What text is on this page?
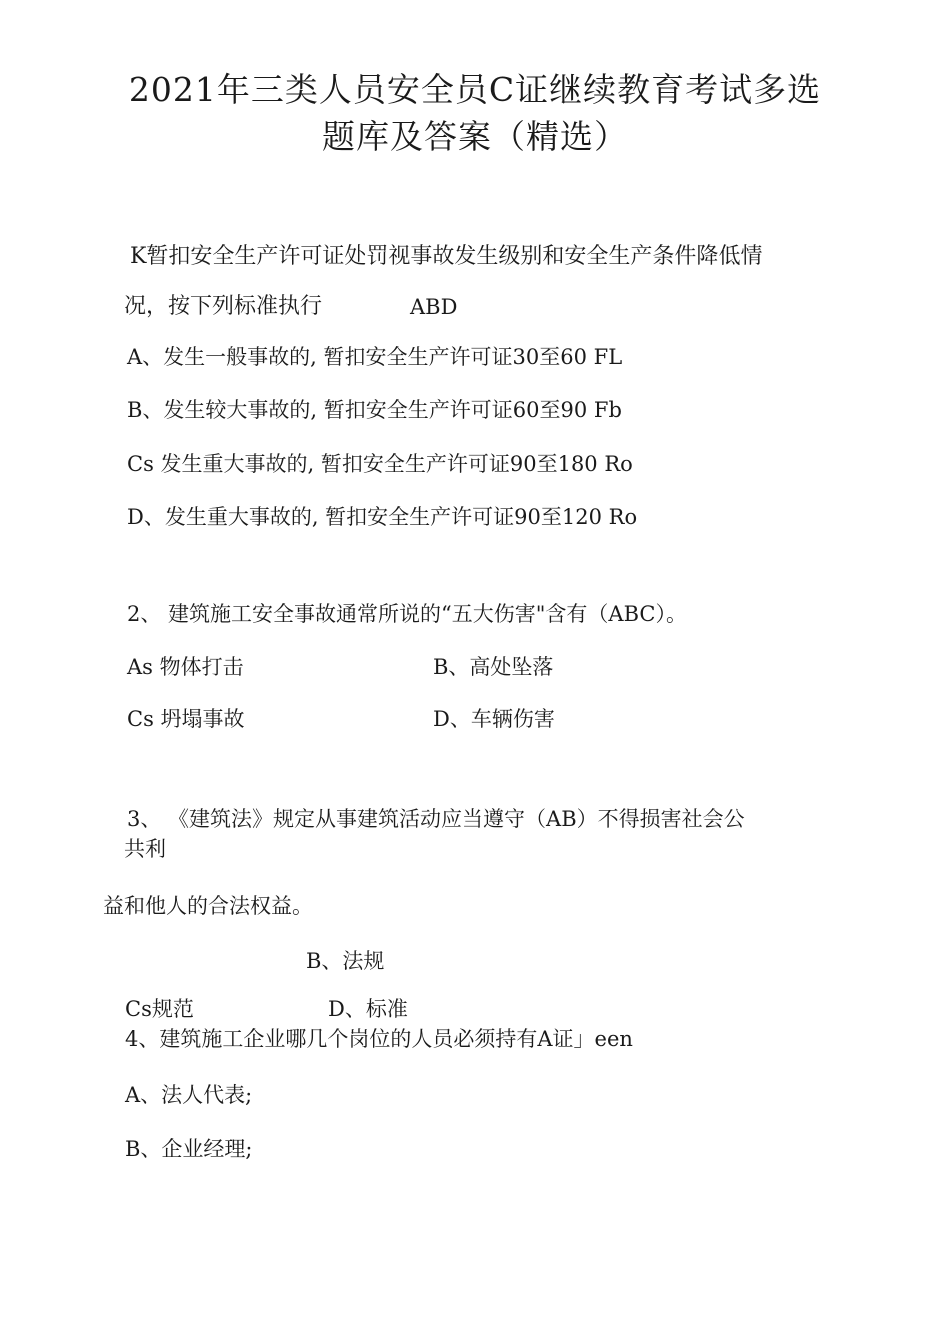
2021年三类人员安全员C证继续教育考试多选
题库及答案（精选）
K暂扣安全生产许可证处罚视事故发生级别和安全生产条件降低情
况，按下列标准执行	ABD
A、发生一般事故的, 暂扣安全生产许可证30至60 FL
B、发生较大事故的, 暂扣安全生产许可证60至90 Fb
Cs 发生重大事故的, 暂扣安全生产许可证90至180 Ro
D、发生重大事故的, 暂扣安全生产许可证90至120 Ro
2、 建筑施工安全事故通常所说的“五大伤害"含有（ABC）。
As 物体打击	B、高处坠落
Cs 坍塌事故	D、车辆伤害
3、 《建筑法》规定从事建筑活动应当遵守（AB）不得损害社会公
共利
益和他人的合法权益。
B、法规
Cs规范	D、标准
4、建筑施工企业哪几个岗位的人员必须持有A证」een
A、法人代表;
B、企业经理;
